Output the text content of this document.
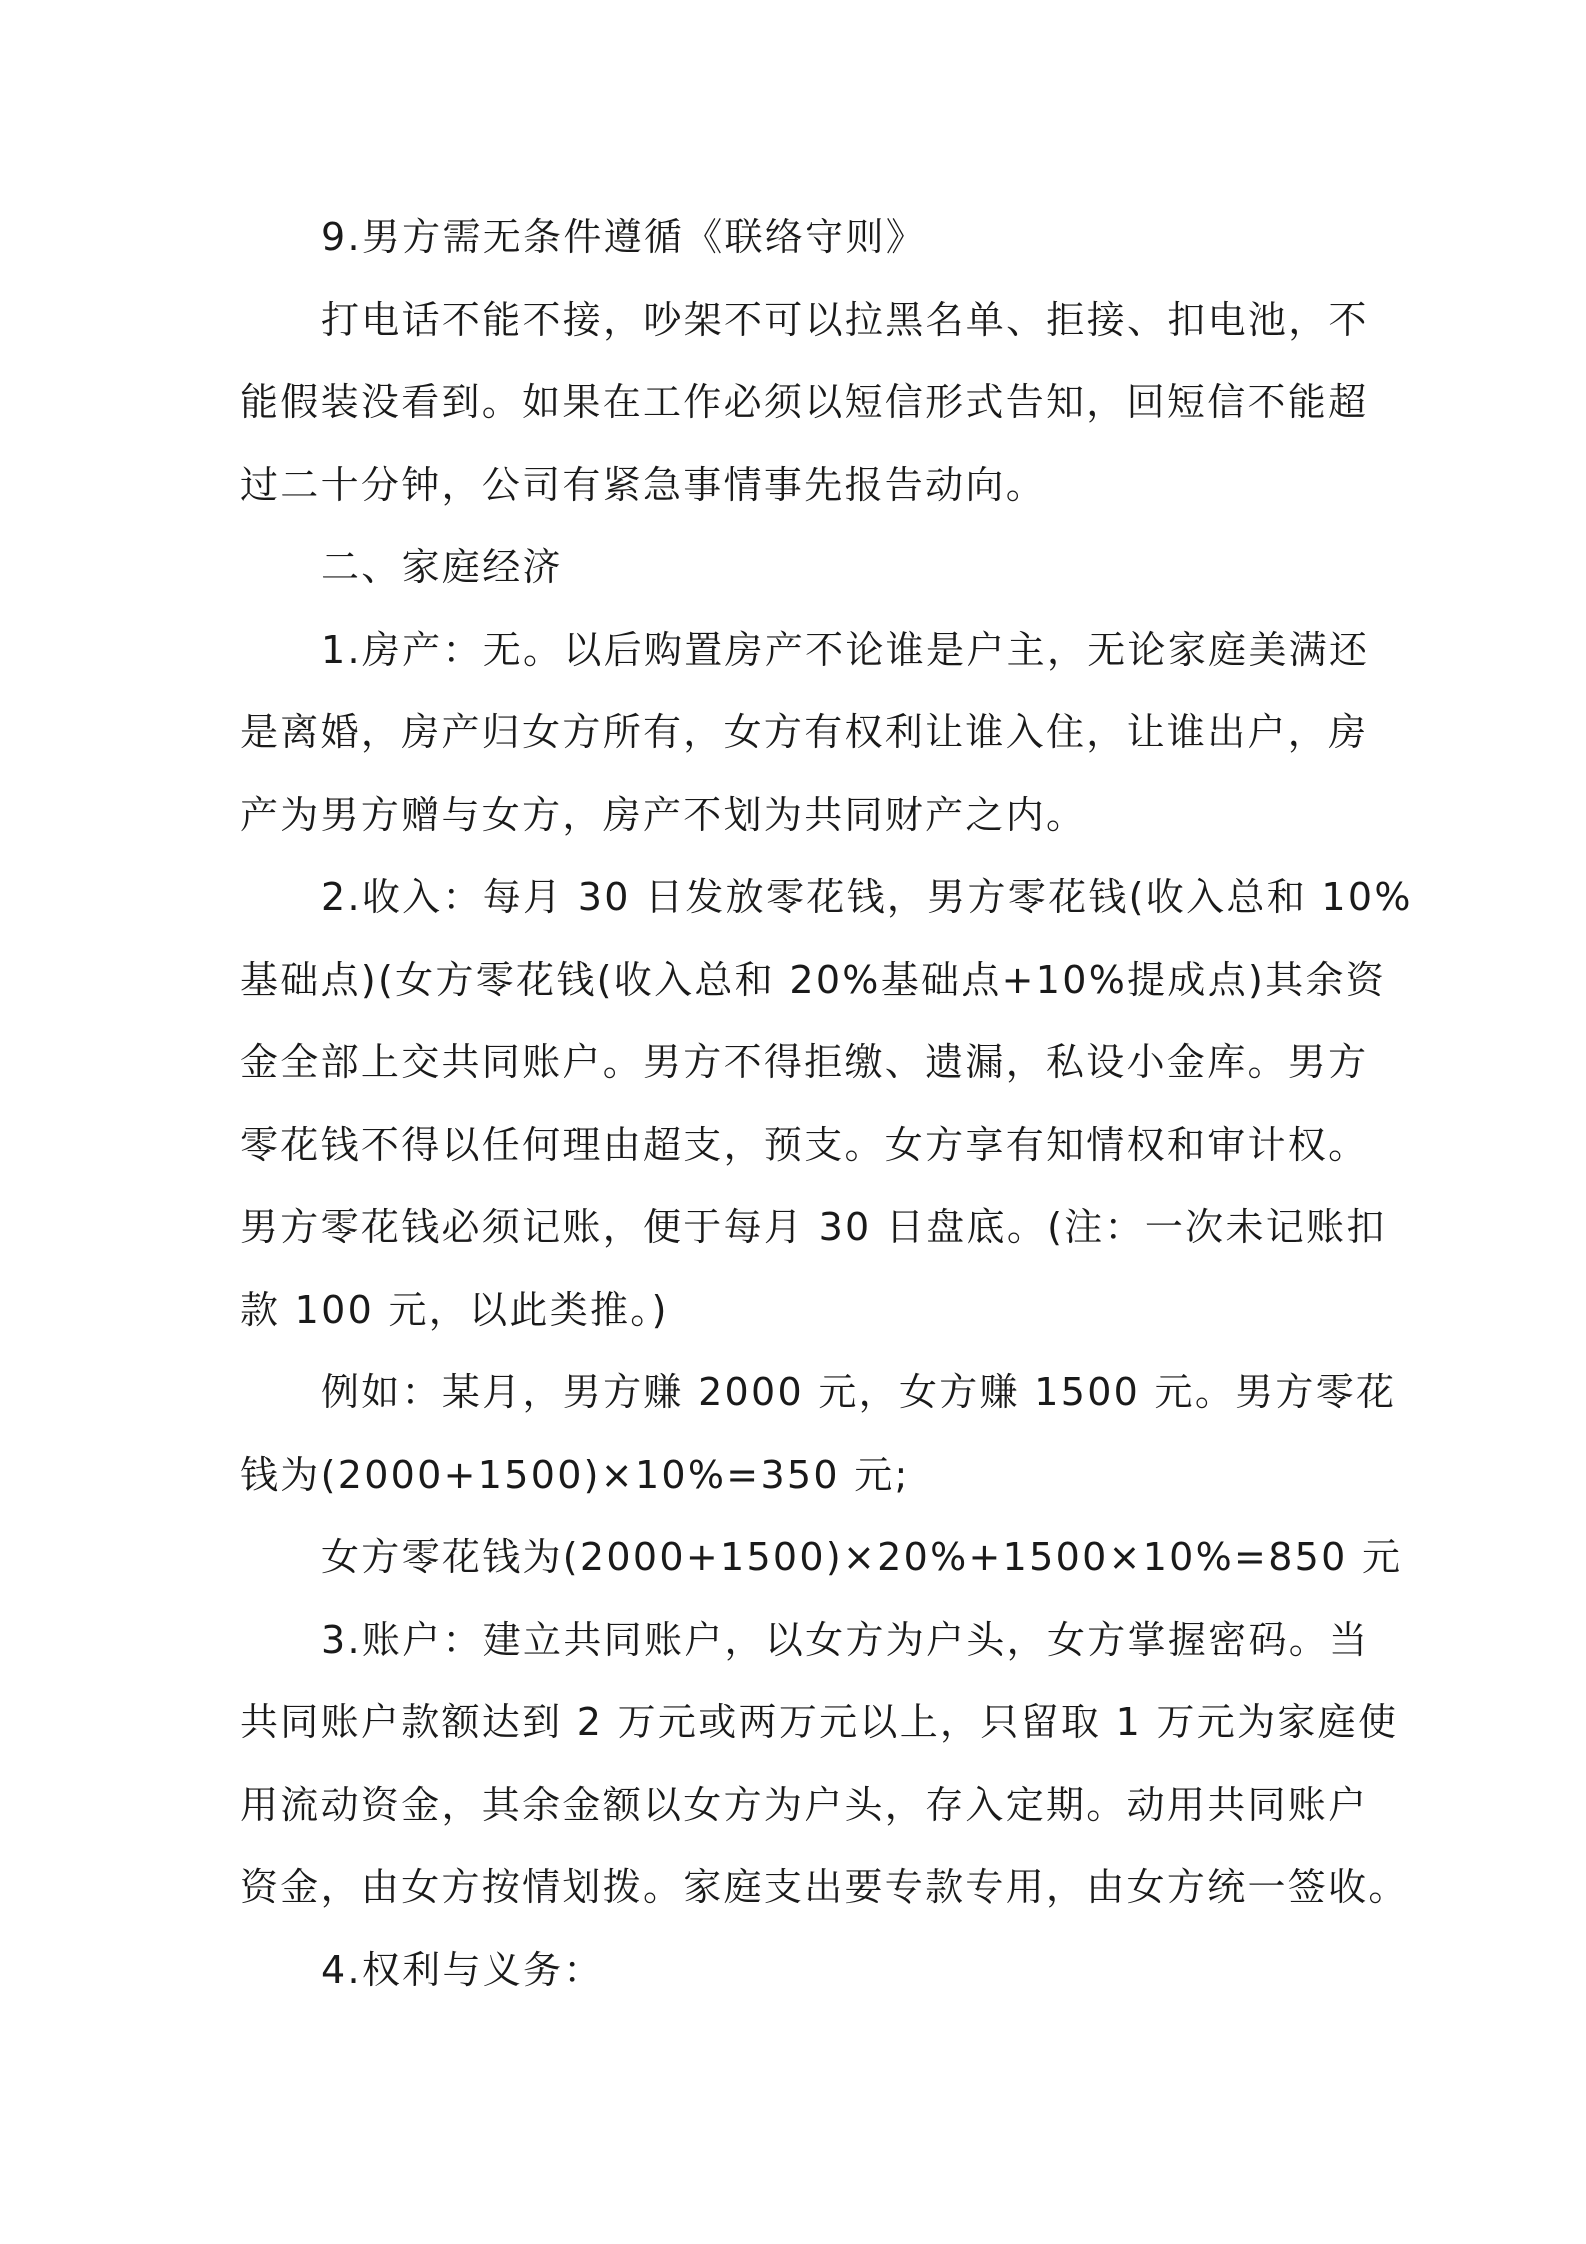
9.男方需无条件遵循《联络守则》

打电话不能不接，吵架不可以拉黑名单、拒接、扣电池，不

能假装没看到。如果在工作必须以短信形式告知，回短信不能超

过二十分钟，公司有紧急事情事先报告动向。

二、家庭经济

1.房产：无。以后购置房产不论谁是户主，无论家庭美满还

是离婚，房产归女方所有，女方有权利让谁入住，让谁出户，房

产为男方赠与女方，房产不划为共同财产之内。

2.收入：每月 30 日发放零花钱，男方零花钱(收入总和 10%

基础点)(女方零花钱(收入总和 20%基础点+10%提成点)其余资

金全部上交共同账户。男方不得拒缴、遗漏，私设小金库。男方

零花钱不得以任何理由超支，预支。女方享有知情权和审计权。

男方零花钱必须记账，便于每月 30 日盘底。(注：一次未记账扣

款 100 元，以此类推。)

例如：某月，男方赚 2000 元，女方赚 1500 元。男方零花

钱为(2000+1500)×10%=350 元;

女方零花钱为(2000+1500)×20%+1500×10%=850 元

3.账户：建立共同账户，以女方为户头，女方掌握密码。当

共同账户款额达到 2 万元或两万元以上，只留取 1 万元为家庭使

用流动资金，其余金额以女方为户头，存入定期。动用共同账户

资金，由女方按情划拨。家庭支出要专款专用，由女方统一签收。

4.权利与义务：
